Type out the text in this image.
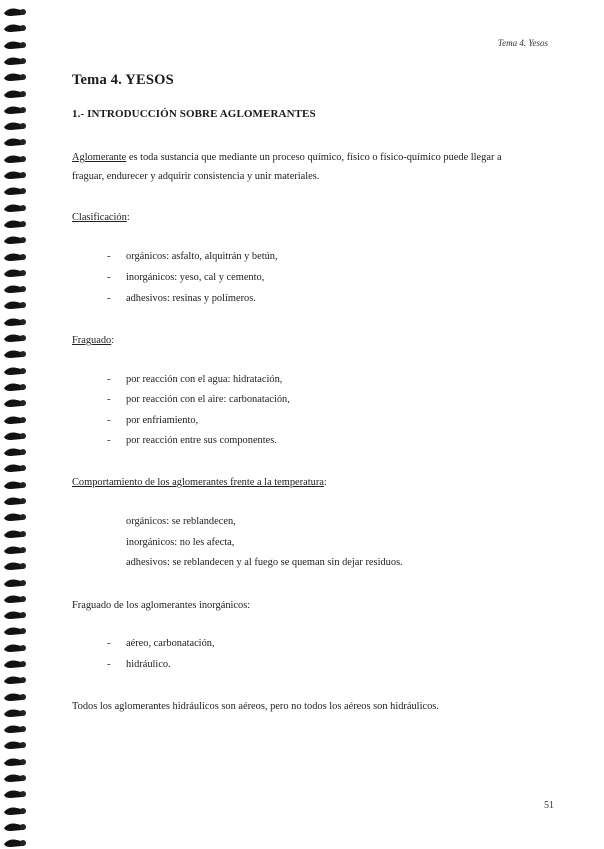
Tema 4. Yesos
Tema 4. YESOS
1.- INTRODUCCIÓN SOBRE AGLOMERANTES
Aglomerante es toda sustancia que mediante un proceso químico, físico o físico-químico puede llegar a
fraguar, endurecer y adquirir consistencia y unir materiales.
Clasificación:
- orgánicos: asfalto, alquitrán y betún,
- inorgánicos: yeso, cal y cemento,
- adhesivos: resinas y polímeros.
Fraguado:
- por reacción con el agua: hidratación,
- por reacción con el aire: carbonatación,
- por enfriamiento,
- por reacción entre sus componentes.
Comportamiento de los aglomerantes frente a la temperatura:
orgánicos: se reblandecen,
inorgánicos: no les afecta,
adhesivos: se reblandecen y al fuego se queman sin dejar residuos.
Fraguado de los aglomerantes inorgánicos:
- aéreo, carbonatación,
- hidráulico.
Todos los aglomerantes hidráulicos son aéreos, pero no todos los aéreos son hidráulicos.
51
